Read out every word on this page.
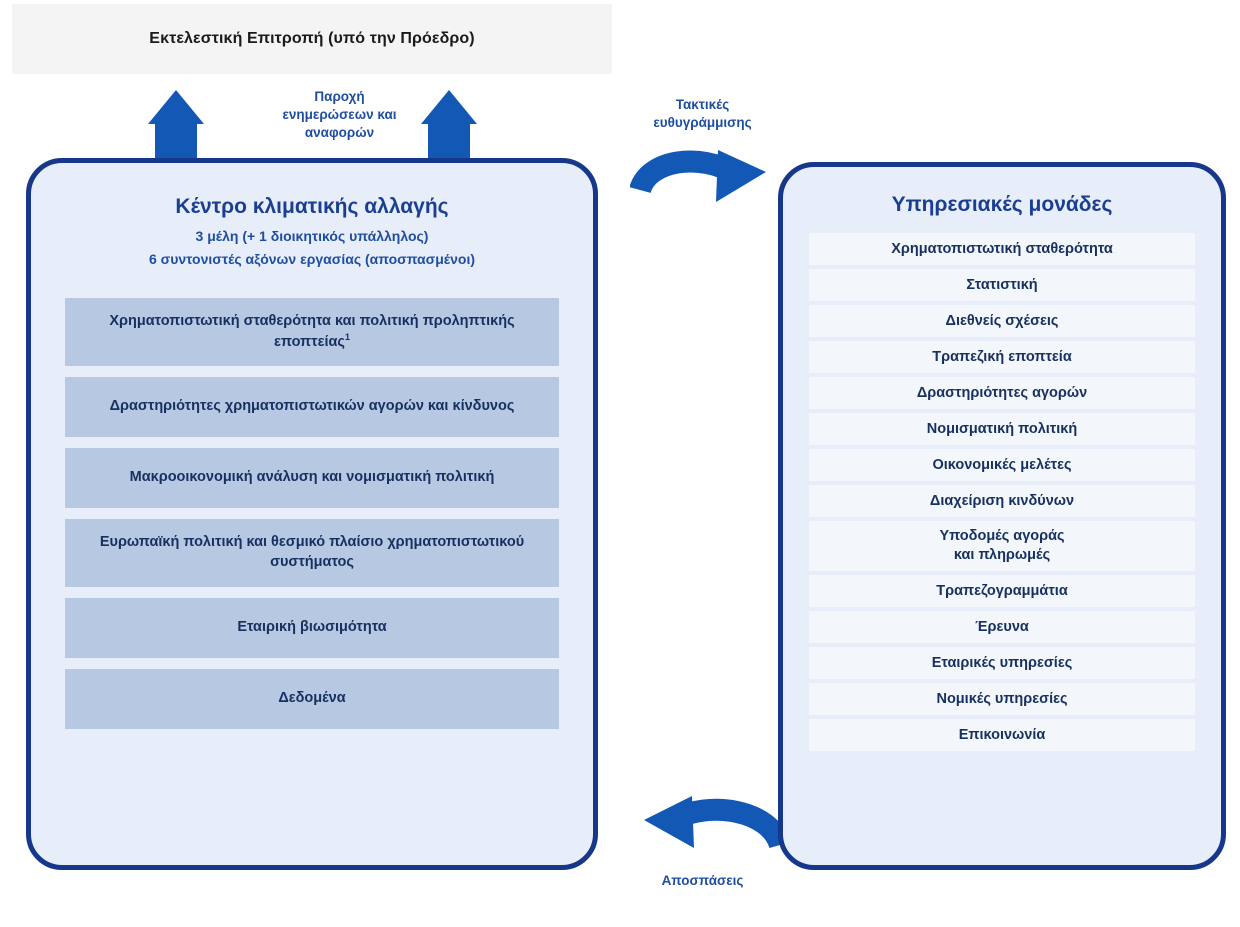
Εκτελεστική Επιτροπή (υπό την Πρόεδρο)
Παροχή
ενημερώσεων και
αναφορών
Τακτικές
ευθυγράμμισης
Αποσπάσεις
Κέντρο κλιματικής αλλαγής
3 μέλη (+ 1 διοικητικός υπάλληλος)
6 συντονιστές αξόνων εργασίας (αποσπασμένοι)
Χρηματοπιστωτική σταθερότητα και πολιτική προληπτικής εποπτείας$^1$
Δραστηριότητες χρηματοπιστωτικών αγορών και κίνδυνος
Μακροοικονομική ανάλυση και νομισματική πολιτική
Ευρωπαϊκή πολιτική και θεσμικό πλαίσιο χρηματοπιστωτικού συστήματος
Εταιρική βιωσιμότητα
Δεδομένα
Υπηρεσιακές μονάδες
Χρηματοπιστωτική σταθερότητα
Στατιστική
Διεθνείς σχέσεις
Τραπεζική εποπτεία
Δραστηριότητες αγορών
Νομισματική πολιτική
Οικονομικές μελέτες
Διαχείριση κινδύνων
Υποδομές αγοράς
και πληρωμές
Τραπεζογραμμάτια
Έρευνα
Εταιρικές υπηρεσίες
Νομικές υπηρεσίες
Επικοινωνία
